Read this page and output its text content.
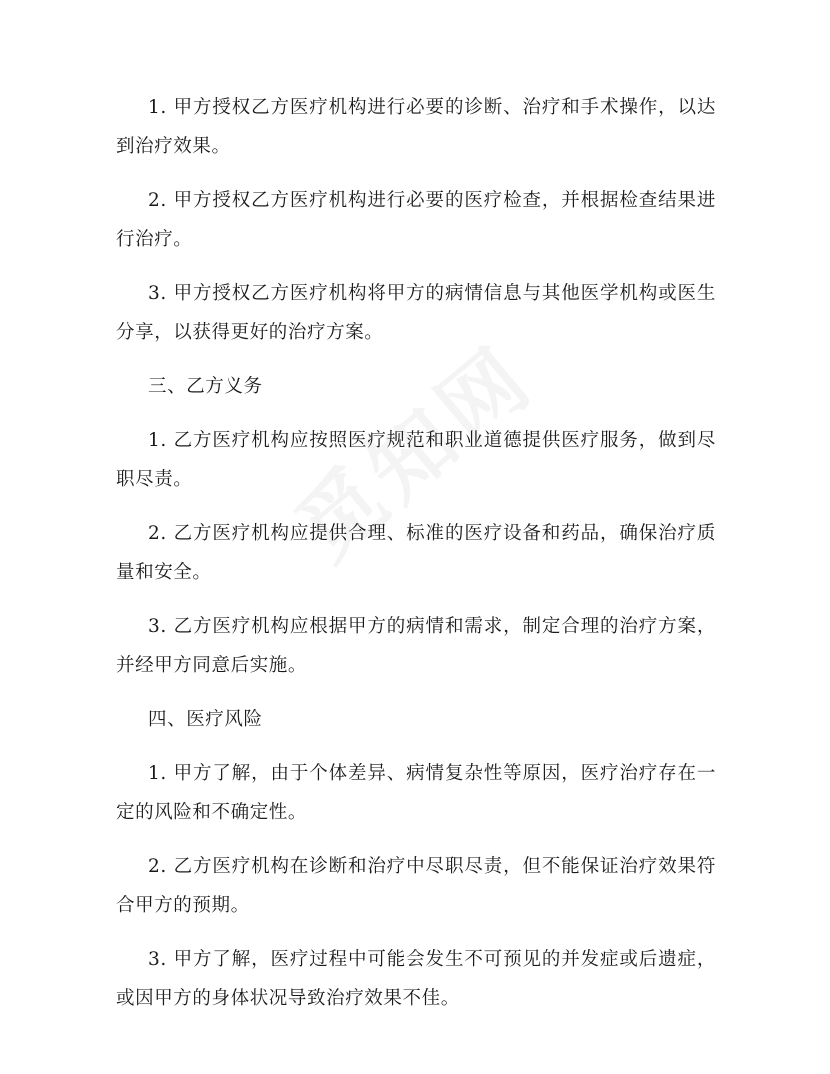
1. 甲方授权乙方医疗机构进行必要的诊断、治疗和手术操作，以达到治疗效果。

2. 甲方授权乙方医疗机构进行必要的医疗检查，并根据检查结果进行治疗。

3. 甲方授权乙方医疗机构将甲方的病情信息与其他医学机构或医生分享，以获得更好的治疗方案。

三、乙方义务

1. 乙方医疗机构应按照医疗规范和职业道德提供医疗服务，做到尽职尽责。

2. 乙方医疗机构应提供合理、标准的医疗设备和药品，确保治疗质量和安全。

3. 乙方医疗机构应根据甲方的病情和需求，制定合理的治疗方案，并经甲方同意后实施。

四、医疗风险

1. 甲方了解，由于个体差异、病情复杂性等原因，医疗治疗存在一定的风险和不确定性。

2. 乙方医疗机构在诊断和治疗中尽职尽责，但不能保证治疗效果符合甲方的预期。

3. 甲方了解，医疗过程中可能会发生不可预见的并发症或后遗症，或因甲方的身体状况导致治疗效果不佳。
